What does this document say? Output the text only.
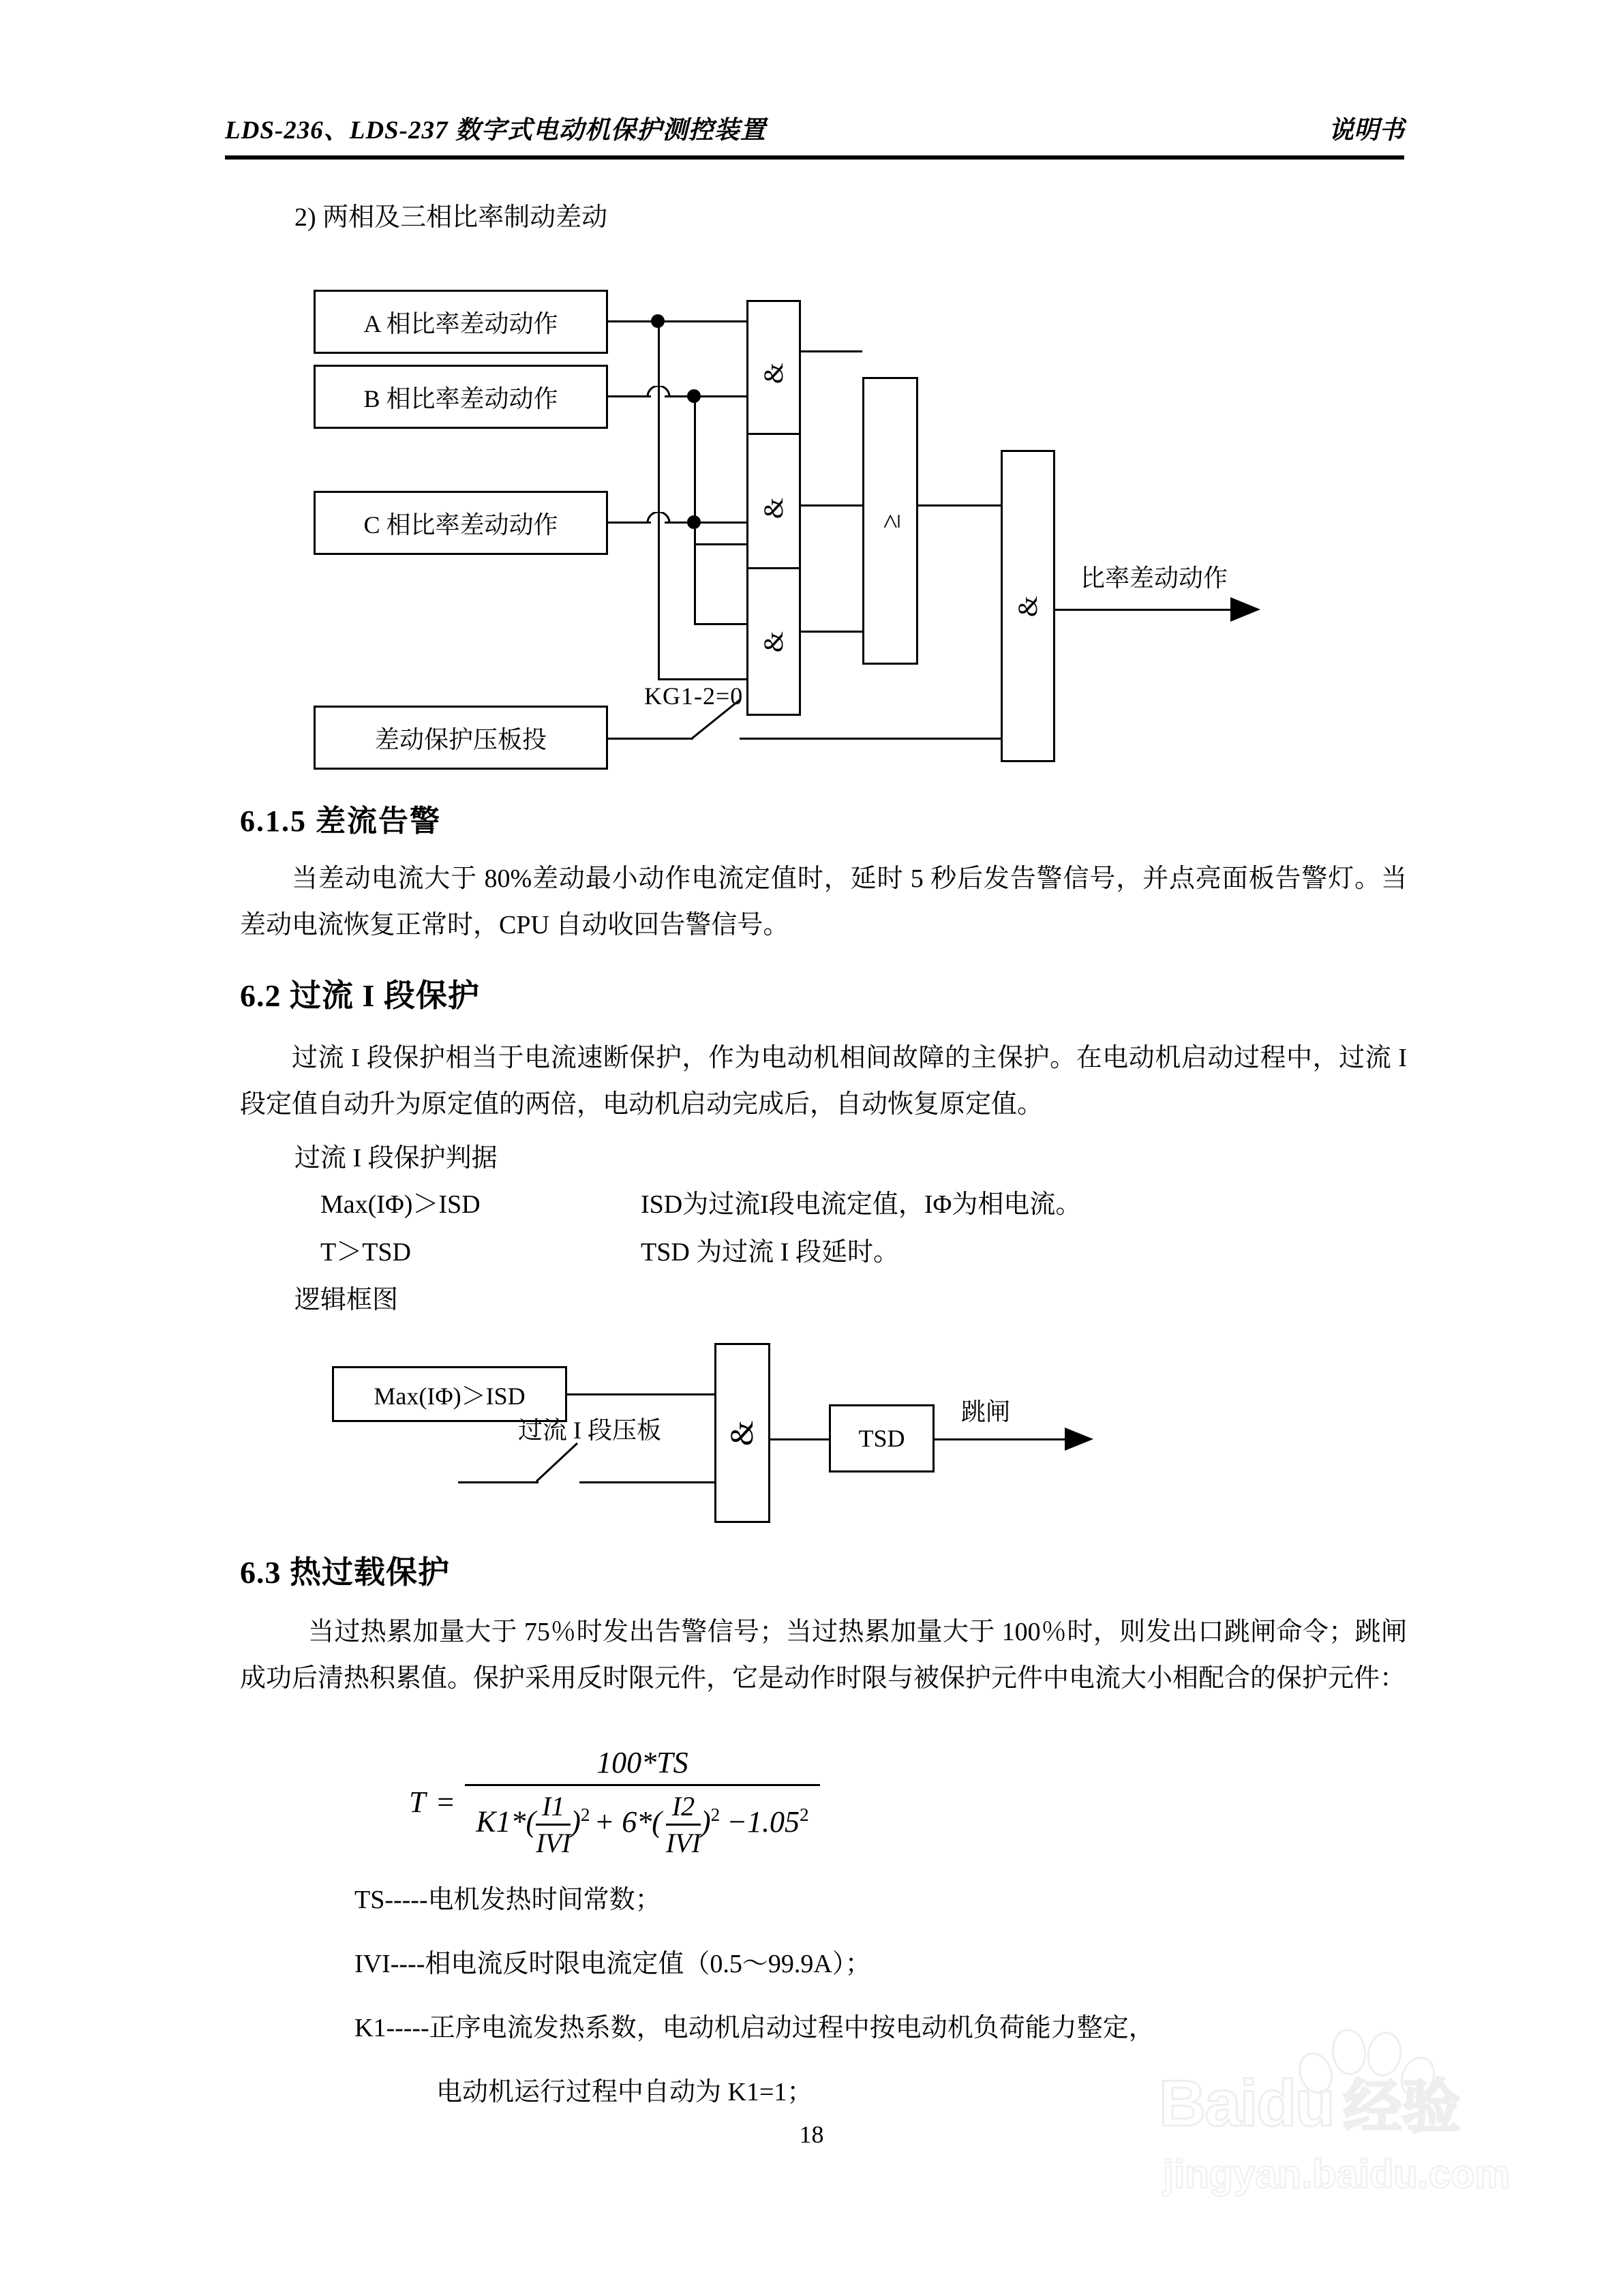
LDS-236、LDS-237 数字式电动机保护测控装置	说明书
2) 两相及三相比率制动差动
A 相比率差动动作
B 相比率差动动作
C 相比率差动动作
差动保护压板投
&
&
&
≥
&
KG1-2=0
比率差动动作
6.1.5 差流告警
当差动电流大于 80%差动最小动作电流定值时，延时 5 秒后发告警信号，并点亮面板告警灯。当差动电流恢复正常时，CPU 自动收回告警信号。
6.2 过流 I 段保护
过流 I 段保护相当于电流速断保护，作为电动机相间故障的主保护。在电动机启动过程中，过流 I 段定值自动升为原定值的两倍，电动机启动完成后，自动恢复原定值。
过流 I 段保护判据
Max(IΦ)＞ISD	ISD为过流I段电流定值，IΦ为相电流。
T＞TSD	TSD 为过流 I 段延时。
逻辑框图
Max(IΦ)＞ISD
&
过流 I 段压板	TSD
跳闸
6.3 热过载保护
当过热累加量大于 75％时发出告警信号；当过热累加量大于 100％时，则发出口跳闸命令；跳闸成功后清热积累值。保护采用反时限元件，它是动作时限与被保护元件中电流大小相配合的保护元件：
T = 100*TS
K1*( I1
IVI
)$^2$ + 6*( I2
IVI
)$^2 -1.05^2$
TS-----电机发热时间常数；
IVI----相电流反时限电流定值（0.5～99.9A）；
K1-----正序电流发热系数，电动机启动过程中按电动机负荷能力整定，
电动机运行过程中自动为 K1=1；
18	Baidu 经验
jingyan.baidu.com
